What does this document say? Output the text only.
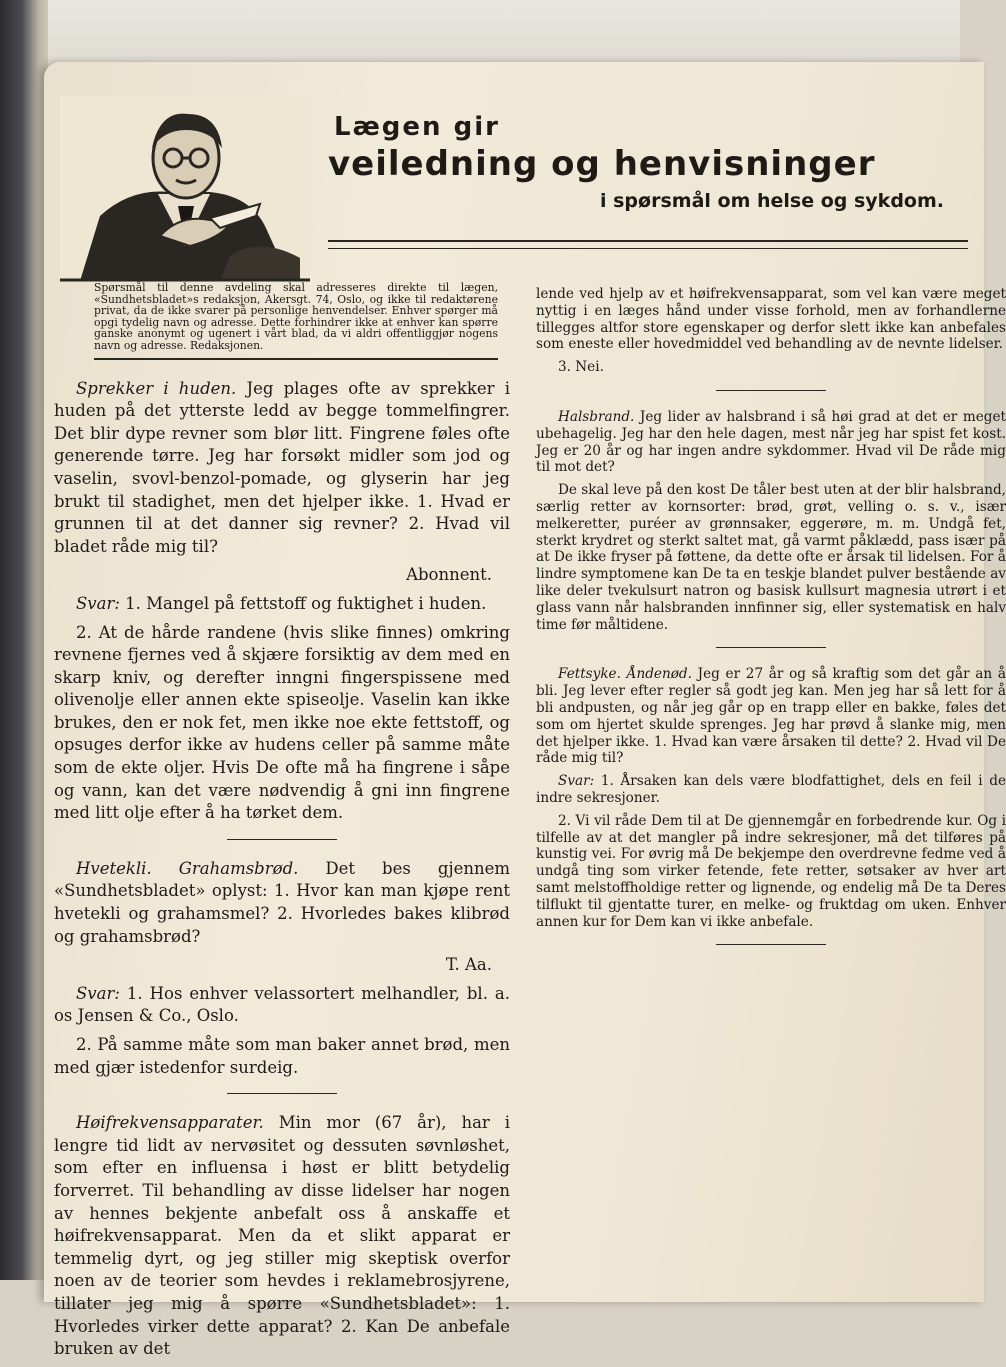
Lægen gir
veiledning og henvisninger
i spørsmål om helse og sykdom.
Spørsmål til denne avdeling skal adresseres direkte til lægen, «Sundhetsbladet»s redaksjon, Akersgt. 74, Oslo, og ikke til redaktørene privat, da de ikke svarer på personlige henvendelser. Enhver spørger må opgi tydelig navn og adresse. Dette forhindrer ikke at enhver kan spørre ganske anonymt og ugenert i vårt blad, da vi aldri offentliggjør nogens navn og adresse. Redaksjonen.

Sprekker i huden. Jeg plages ofte av sprekker i huden på det ytterste ledd av begge tommelfingrer. Det blir dype revner som blør litt. Fingrene føles ofte generende tørre. Jeg har forsøkt midler som jod og vaselin, svovl-benzol-pomade, og glyserin har jeg brukt til stadighet, men det hjelper ikke. 1. Hvad er grunnen til at det danner sig revner? 2. Hvad vil bladet råde mig til?

Abonnent.

Svar: 1. Mangel på fettstoff og fuktighet i huden.

2. At de hårde randene (hvis slike finnes) omkring revnene fjernes ved å skjære forsiktig av dem med en skarp kniv, og derefter inngni fingerspissene med olivenolje eller annen ekte spiseolje. Vaselin kan ikke brukes, den er nok fet, men ikke noe ekte fettstoff, og opsuges derfor ikke av hudens celler på samme måte som de ekte oljer. Hvis De ofte må ha fingrene i såpe og vann, kan det være nødvendig å gni inn fingrene med litt olje efter å ha tørket dem.

Hvetekli. Grahamsbrød. Det bes gjennem «Sundhetsbladet» oplyst: 1. Hvor kan man kjøpe rent hvetekli og grahamsmel? 2. Hvorledes bakes klibrød og grahamsbrød?

T. Aa.

Svar: 1. Hos enhver velassortert melhandler, bl. a. os Jensen & Co., Oslo.

2. På samme måte som man baker annet brød, men med gjær istedenfor surdeig.

Høifrekvensapparater. Min mor (67 år), har i lengre tid lidt av nervøsitet og dessuten søvnløshet, som efter en influensa i høst er blitt betydelig forverret. Til behandling av disse lidelser har nogen av hennes bekjente anbefalt oss å anskaffe et høifrekvensapparat. Men da et slikt apparat er temmelig dyrt, og jeg stiller mig skeptisk overfor noen av de teorier som hevdes i reklamebrosjyrene, tillater jeg mig å spørre «Sundhetsbladet»: 1. Hvorledes virker dette apparat? 2. Kan De anbefale bruken av det

lende ved hjelp av et høifrekvensapparat, som vel kan være meget nyttig i en læges hånd under visse forhold, men av forhandlerne tillegges altfor store egenskaper og derfor slett ikke kan anbefales som eneste eller hovedmiddel ved behandling av de nevnte lidelser.

3. Nei.

Halsbrand. Jeg lider av halsbrand i så høi grad at det er meget ubehagelig. Jeg har den hele dagen, mest når jeg har spist fet kost. Jeg er 20 år og har ingen andre sykdommer. Hvad vil De råde mig til mot det?

De skal leve på den kost De tåler best uten at der blir halsbrand, særlig retter av kornsorter: brød, grøt, velling o. s. v., især melkeretter, puréer av grønnsaker, eggerøre, m. m. Undgå fet, sterkt krydret og sterkt saltet mat, gå varmt påklædd, pass især på at De ikke fryser på føttene, da dette ofte er årsak til lidelsen. For å lindre symptomene kan De ta en teskje blandet pulver bestående av like deler tvekulsurt natron og basisk kullsurt magnesia utrørt i et glass vann når halsbranden innfinner sig, eller systematisk en halv time før måltidene.

Fettsyke. Åndenød. Jeg er 27 år og så kraftig som det går an å bli. Jeg lever efter regler så godt jeg kan. Men jeg har så lett for å bli andpusten, og når jeg går op en trapp eller en bakke, føles det som om hjertet skulde sprenges. Jeg har prøvd å slanke mig, men det hjelper ikke. 1. Hvad kan være årsaken til dette? 2. Hvad vil De råde mig til?

Svar: 1. Årsaken kan dels være blodfattighet, dels en feil i de indre sekresjoner.

2. Vi vil råde Dem til at De gjennemgår en forbedrende kur. Og i tilfelle av at det mangler på indre sekresjoner, må det tilføres på kunstig vei. For øvrig må De bekjempe den overdrevne fedme ved å undgå ting som virker fetende, fete retter, søtsaker av hver art samt melstoffholdige retter og lignende, og endelig må De ta Deres tilflukt til gjentatte turer, en melke- og fruktdag om uken. Enhver annen kur for Dem kan vi ikke anbefale.
